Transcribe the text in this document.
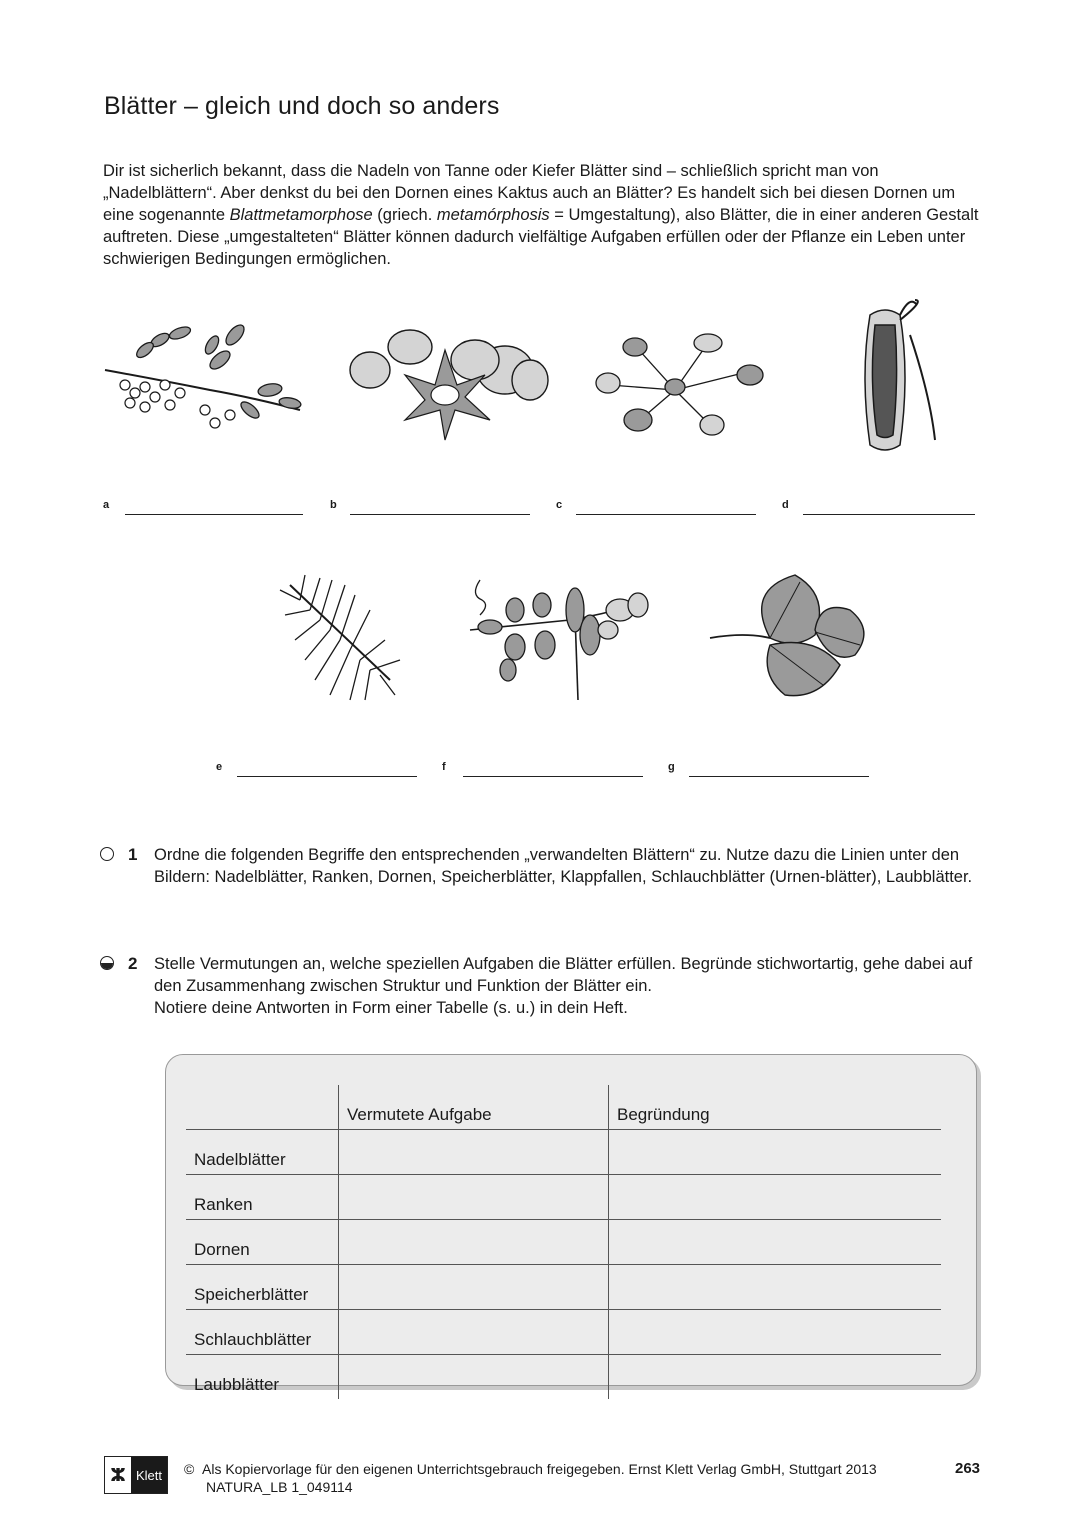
Blätter – gleich und doch so anders

Dir ist sicherlich bekannt, dass die Nadeln von Tanne oder Kiefer Blätter sind – schließlich spricht man von „Nadelblättern“. Aber denkst du bei den Dornen eines Kaktus auch an Blätter? Es handelt sich bei diesen Dornen um eine sogenannte Blattmetamorphose (griech. metamórphosis = Umgestaltung), also Blätter, die in einer anderen Gestalt auftreten. Diese „umgestalteten“ Blätter können dadurch vielfältige Aufgaben erfüllen oder der Pflanze ein Leben unter schwierigen Bedingungen ermöglichen.

a	b	c	d
e	f	g
1 Ordne die folgenden Begriffe den entsprechenden „verwandelten Blättern“ zu. Nutze dazu die Linien unter den Bildern: Nadelblätter, Ranken, Dornen, Speicherblätter, Klappfallen, Schlauchblätter (Urnen-blätter), Laubblätter.
2 Stelle Vermutungen an, welche speziellen Aufgaben die Blätter erfüllen. Begründe stichwortartig, gehe dabei auf den Zusammenhang zwischen Struktur und Funktion der Blätter ein.
Notiere deine Antworten in Form einer Tabelle (s. u.) in dein Heft.
	Vermutete Aufgabe	Begründung
Nadelblätter		
Ranken		
Dornen		
Speicherblätter		
Schlauchblätter		
Laubblätter		
ⵣ Klett	© Als Kopiervorlage für den eigenen Unterrichtsgebrauch freigegeben. Ernst Klett Verlag GmbH, Stuttgart 2013
NATURA_LB 1_049114
263
